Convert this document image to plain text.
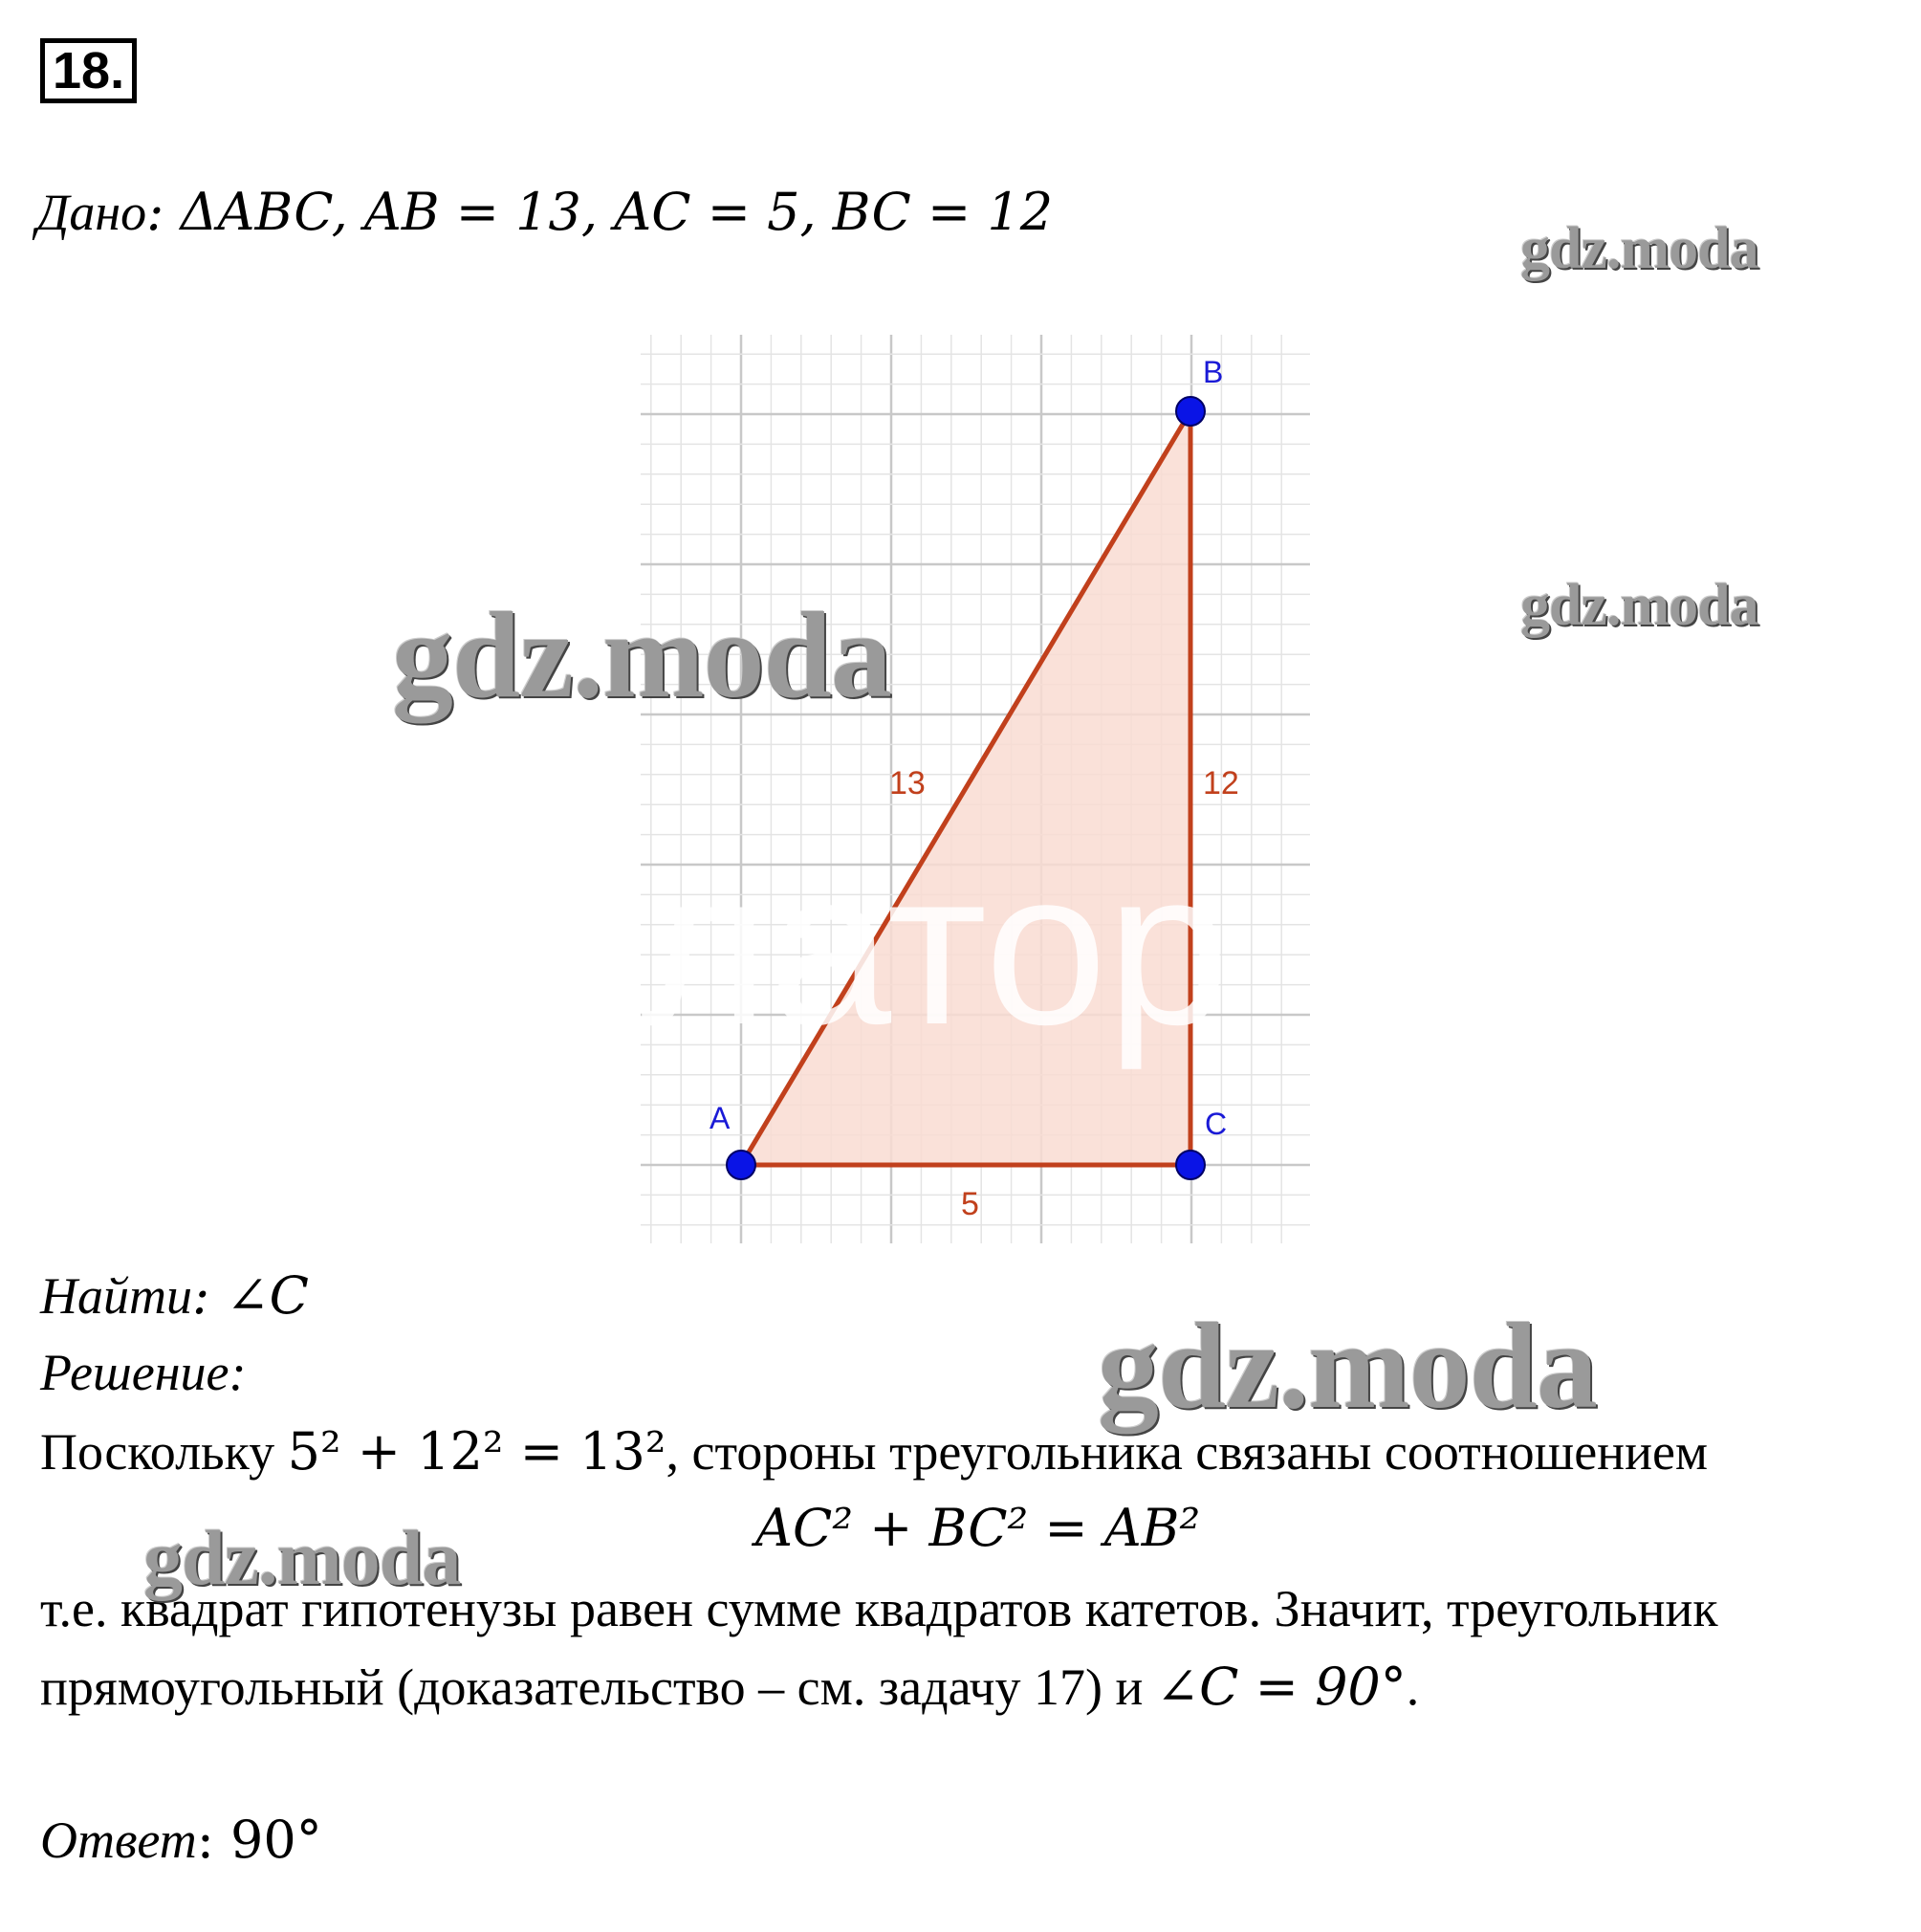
18.
Дано: ΔABC, AB = 13, AC = 5, BC = 12
латор
A
B
C
13	12
5
Найти: ∠C
Решение:
Поскольку 5² + 12² = 13², стороны треугольника связаны соотношением
AC² + BC² = AB²
т.е. квадрат гипотенузы равен сумме квадратов катетов. Значит, треугольник
прямоугольный (доказательство – см. задачу 17) и ∠C = 90°.
Ответ: 90°
gdz.moda
gdz.moda
gdz.moda
gdz.moda
gdz.moda
